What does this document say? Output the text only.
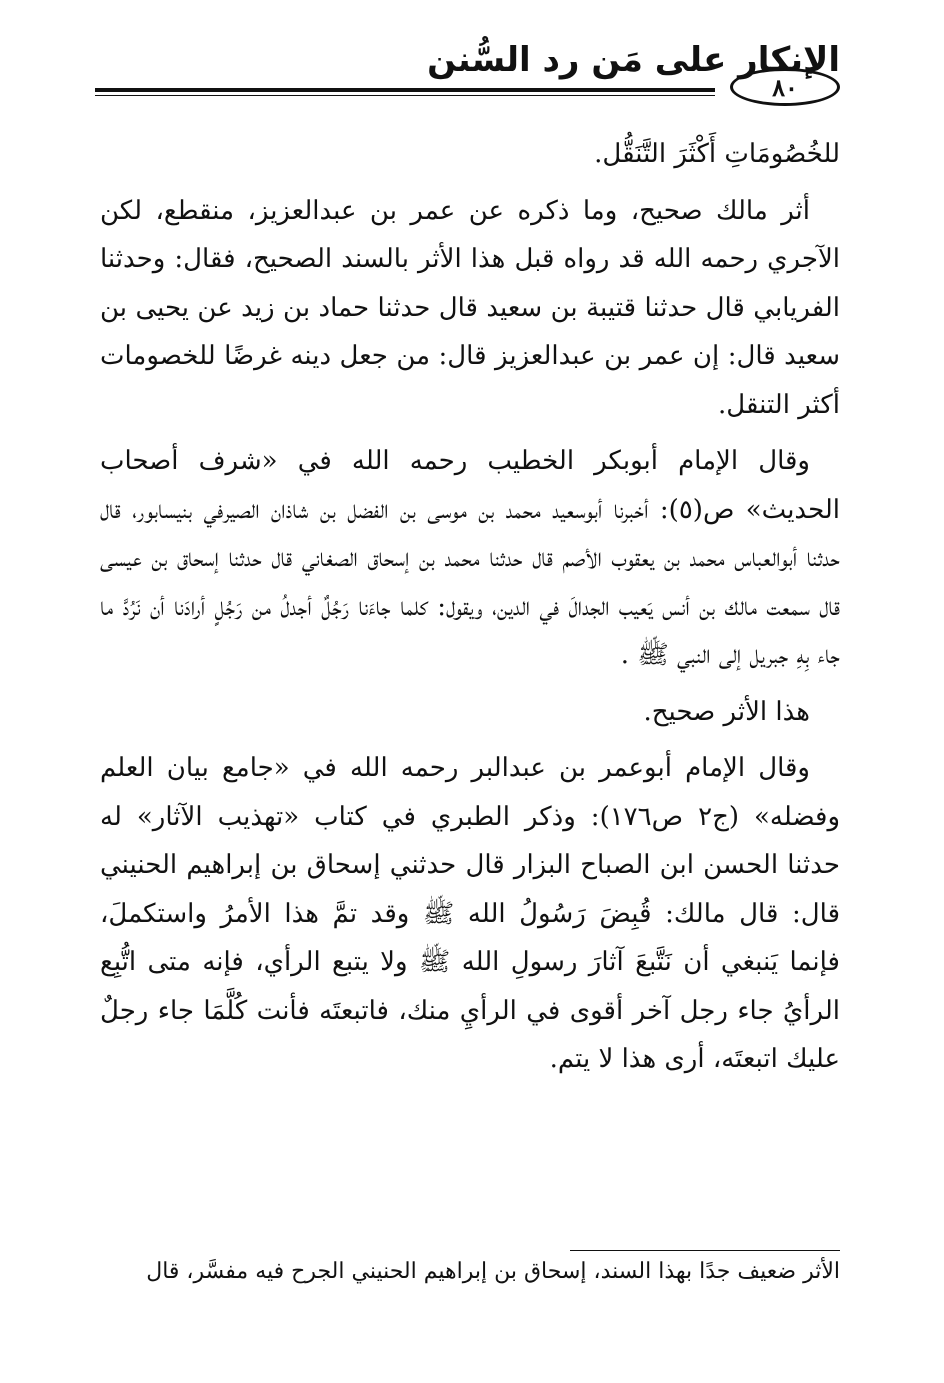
الإنكار على مَن رد السُّنن
٨٠

للخُصُومَاتِ أَكْثَرَ التَّنَقُّل.

أثر مالك صحيح، وما ذكره عن عمر بن عبدالعزيز، منقطع، لكن الآجري رحمه الله قد رواه قبل هذا الأثر بالسند الصحيح، فقال: وحدثنا الفريابي قال حدثنا قتيبة بن سعيد قال حدثنا حماد بن زيد عن يحيى بن سعيد قال: إن عمر بن عبدالعزيز قال: من جعل دينه غرضًا للخصومات أكثر التنقل.

وقال الإمام أبوبكر الخطيب رحمه الله في «شرف أصحاب الحديث» ص(٥): أخبرنا أبوسعيد محمد بن موسى بن الفضل بن شاذان الصيرفي بنيسابور، قال حدثنا أبوالعباس محمد بن يعقوب الأصم قال حدثنا محمد بن إسحاق الصغاني قال حدثنا إسحاق بن عيسى قال سمعت مالك بن أنس يَعيب الجدالَ في الدين، ويقول: كلما جاءَنا رَجُلٌ أجدلُ من رَجُلٍ أرادَنا أن نَرُدَّ ما جاء بِهِ جبريل إلى النبي ﷺ .

هذا الأثر صحيح.

وقال الإمام أبوعمر بن عبدالبر رحمه الله في «جامع بيان العلم وفضله» (ج٢ ص١٧٦): وذكر الطبري في كتاب «تهذيب الآثار» له حدثنا الحسن ابن الصباح البزار قال حدثني إسحاق بن إبراهيم الحنيني قال: قال مالك: قُبِضَ رَسُولُ الله ﷺ وقد تمَّ هذا الأمرُ واستكملَ، فإنما يَنبغي أن نَتَّبعَ آثارَ رسولِ الله ﷺ ولا يتبع الرأي، فإنه متى اتُّبِع الرأيُ جاء رجل آخر أقوى في الرأيِ منك، فاتبعتَه فأنت كُلَّمَا جاء رجلٌ عليك اتبعتَه، أرى هذا لا يتم.

الأثر ضعيف جدًا بهذا السند، إسحاق بن إبراهيم الحنيني الجرح فيه مفسَّر، قال
